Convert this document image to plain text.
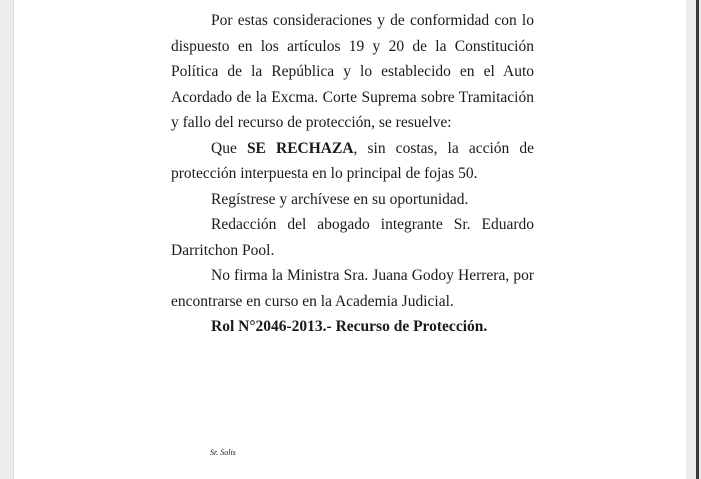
Por estas consideraciones y de conformidad con lo dispuesto en los artículos 19 y 20 de la Constitución Política de la República y lo establecido en el Auto Acordado de la Excma. Corte Suprema sobre Tramitación y fallo del recurso de protección, se resuelve:

Que SE RECHAZA, sin costas, la acción de protección interpuesta en lo principal de fojas 50.

Regístrese y archívese en su oportunidad.

Redacción del abogado integrante Sr. Eduardo Darritchon Pool.

No firma la Ministra Sra. Juana Godoy Herrera, por encontrarse en curso en la Academia Judicial.

Rol N°2046-2013.- Recurso de Protección.

Sr. Solis
